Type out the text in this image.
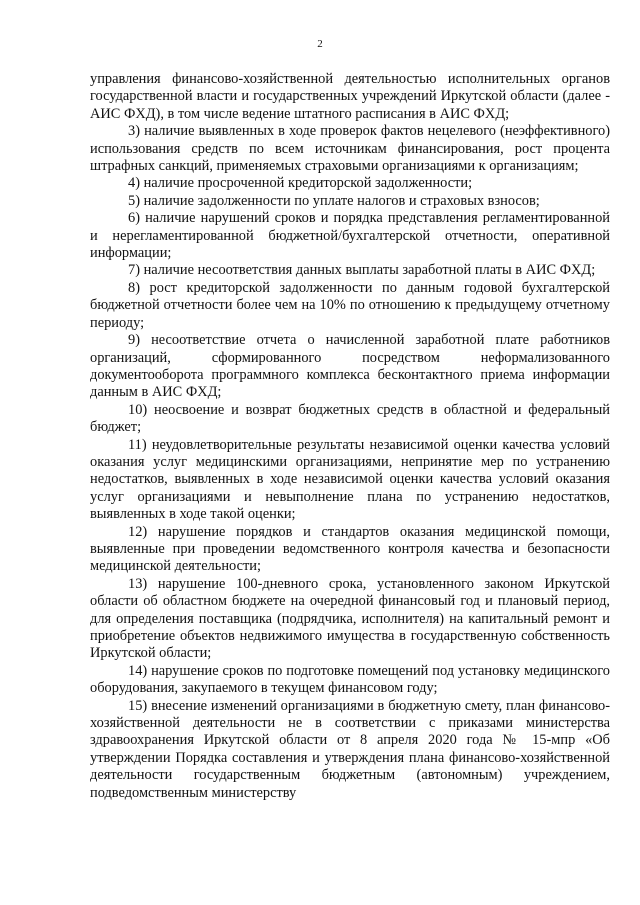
2

управления финансово-хозяйственной деятельностью исполнительных органов государственной власти и государственных учреждений Иркутской области (далее - АИС ФХД), в том числе ведение штатного расписания в АИС ФХД;

3) наличие выявленных в ходе проверок фактов нецелевого (неэффективного) использования средств по всем источникам финансирования, рост процента штрафных санкций, применяемых страховыми организациями к организациям;

4) наличие просроченной кредиторской задолженности;

5) наличие задолженности по уплате налогов и страховых взносов;

6) наличие нарушений сроков и порядка представления регламентированной и нерегламентированной бюджетной/бухгалтерской отчетности, оперативной информации;

7) наличие несоответствия данных выплаты заработной платы в АИС ФХД;

8) рост кредиторской задолженности по данным годовой бухгалтерской бюджетной отчетности более чем на 10% по отношению к предыдущему отчетному периоду;

9) несоответствие отчета о начисленной заработной плате работников организаций, сформированного посредством неформализованного документооборота программного комплекса бесконтактного приема информации данным в АИС ФХД;

10) неосвоение и возврат бюджетных средств в областной и федеральный бюджет;

11) неудовлетворительные результаты независимой оценки качества условий оказания услуг медицинскими организациями, непринятие мер по устранению недостатков, выявленных в ходе независимой оценки качества условий оказания услуг организациями и невыполнение плана по устранению недостатков, выявленных в ходе такой оценки;

12) нарушение порядков и стандартов оказания медицинской помощи, выявленные при проведении ведомственного контроля качества и безопасности медицинской деятельности;

13) нарушение 100-дневного срока, установленного законом Иркутской области об областном бюджете на очередной финансовый год и плановый период, для определения поставщика (подрядчика, исполнителя) на капитальный ремонт и приобретение объектов недвижимого имущества в государственную собственность Иркутской области;

14) нарушение сроков по подготовке помещений под установку медицинского оборудования, закупаемого в текущем финансовом году;

15) внесение изменений организациями в бюджетную смету, план финансово-хозяйственной деятельности не в соответствии с приказами министерства здравоохранения Иркутской области от 8 апреля 2020 года № 15-мпр «Об утверждении Порядка составления и утверждения плана финансово-хозяйственной деятельности государственным бюджетным (автономным) учреждением, подведомственным министерству
